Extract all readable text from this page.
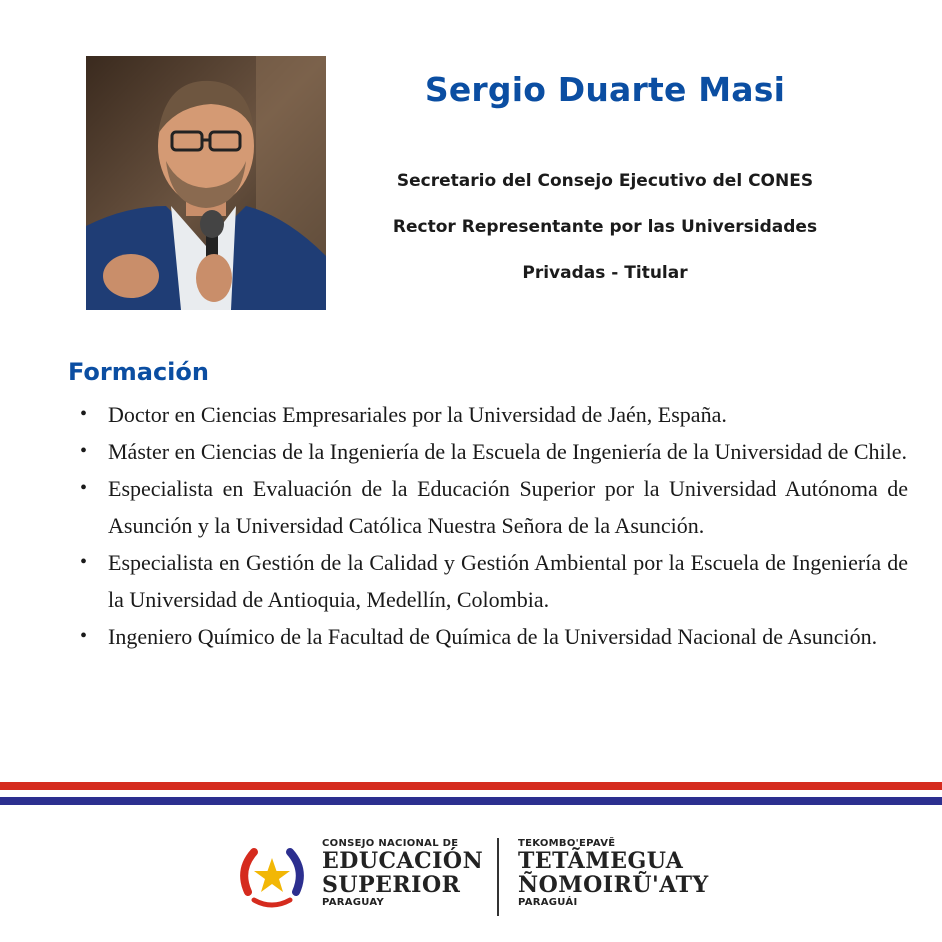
Sergio Duarte Masi
Secretario del Consejo Ejecutivo del CONES
Rector Representante por las Universidades
Privadas - Titular
Formación
• Doctor en Ciencias Empresariales por la Universidad de Jaén, España.
• Máster en Ciencias de la Ingeniería de la Escuela de Ingeniería de la Universidad de Chile.
• Especialista en Evaluación de la Educación Superior por la Universidad Autónoma de Asunción y la Universidad Católica Nuestra Señora de la Asunción.
• Especialista en Gestión de la Calidad y Gestión Ambiental por la Escuela de Ingeniería de la Universidad de Antioquia, Medellín, Colombia.
• Ingeniero Químico de la Facultad de Química de la Universidad Nacional de Asunción.
CONSEJO NACIONAL DE
EDUCACIÓN
SUPERIOR
PARAGUAY
TEKOMBO'EPAVẼ
TETÃMEGUA
ÑOMOIRŨ'ATY
PARAGUÁI
